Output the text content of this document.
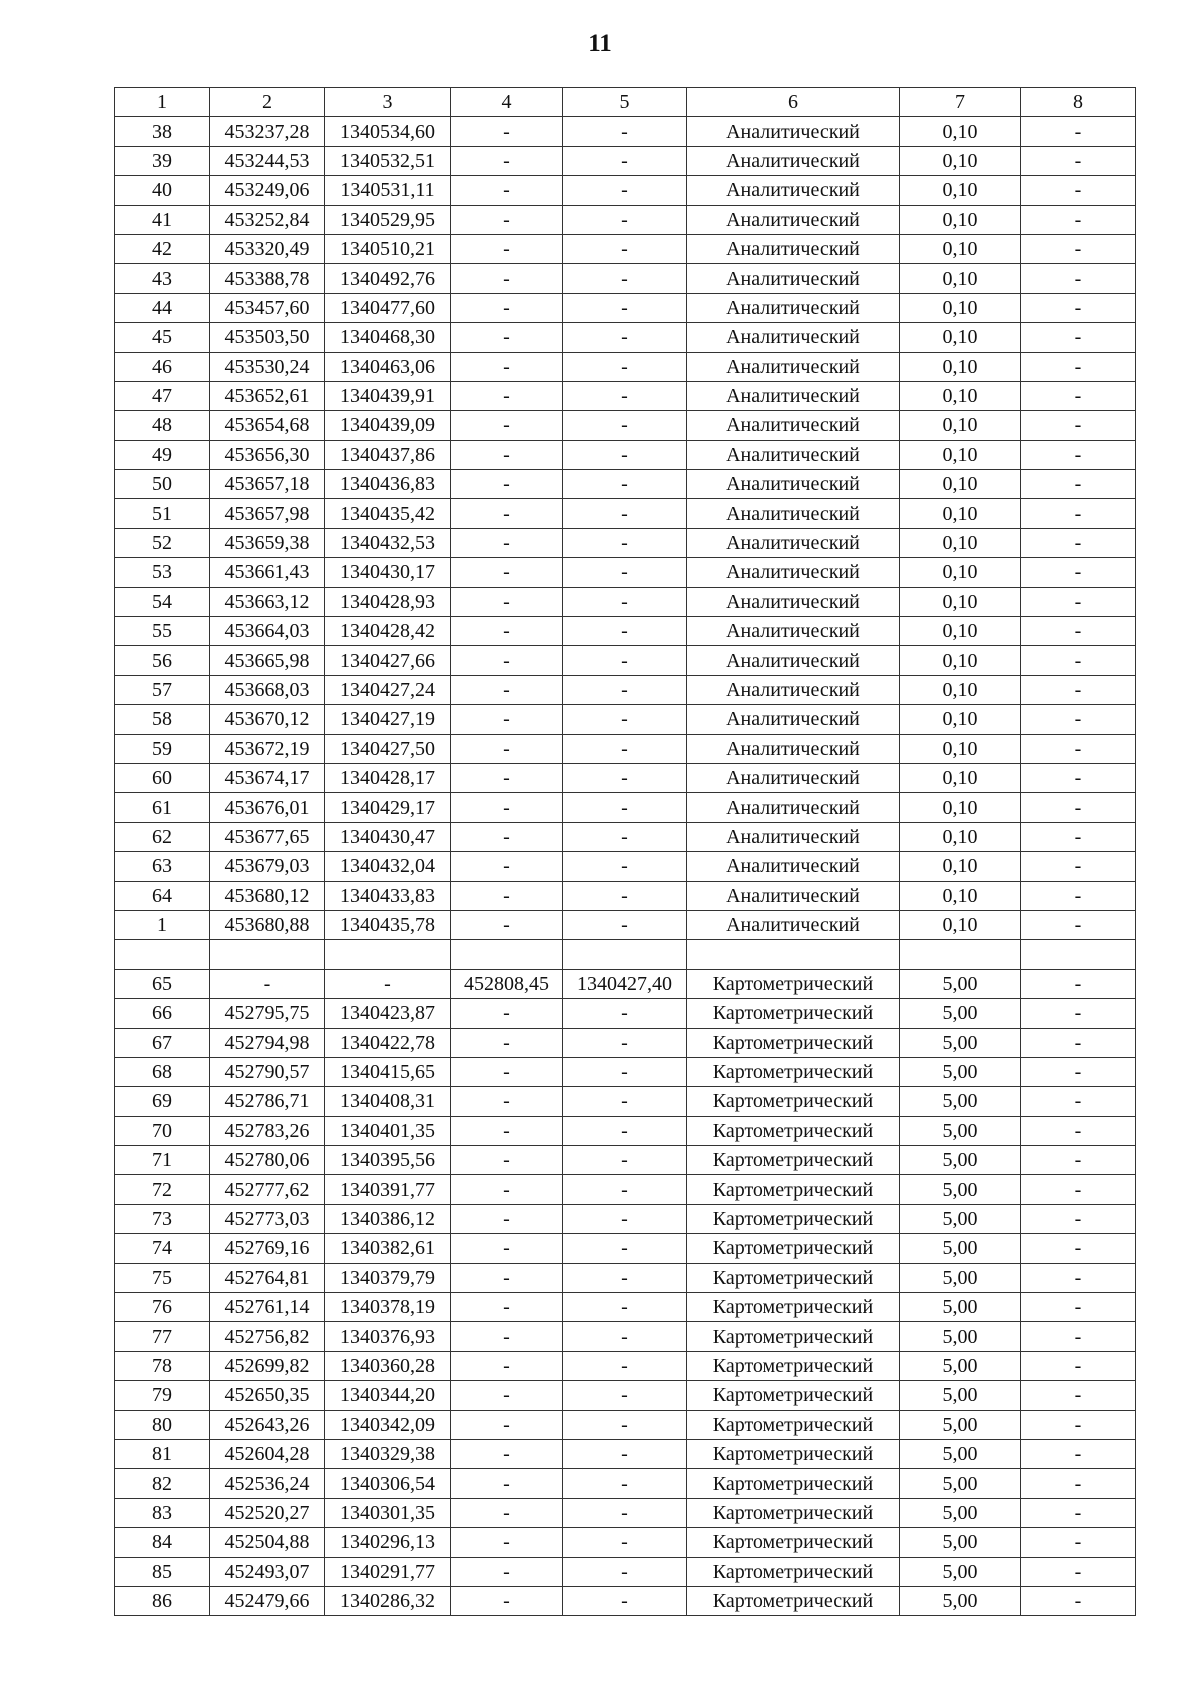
11
1	2	3	4	5	6	7	8
38	453237,28	1340534,60	-	-	Аналитический	0,10	-
39	453244,53	1340532,51	-	-	Аналитический	0,10	-
40	453249,06	1340531,11	-	-	Аналитический	0,10	-
41	453252,84	1340529,95	-	-	Аналитический	0,10	-
42	453320,49	1340510,21	-	-	Аналитический	0,10	-
43	453388,78	1340492,76	-	-	Аналитический	0,10	-
44	453457,60	1340477,60	-	-	Аналитический	0,10	-
45	453503,50	1340468,30	-	-	Аналитический	0,10	-
46	453530,24	1340463,06	-	-	Аналитический	0,10	-
47	453652,61	1340439,91	-	-	Аналитический	0,10	-
48	453654,68	1340439,09	-	-	Аналитический	0,10	-
49	453656,30	1340437,86	-	-	Аналитический	0,10	-
50	453657,18	1340436,83	-	-	Аналитический	0,10	-
51	453657,98	1340435,42	-	-	Аналитический	0,10	-
52	453659,38	1340432,53	-	-	Аналитический	0,10	-
53	453661,43	1340430,17	-	-	Аналитический	0,10	-
54	453663,12	1340428,93	-	-	Аналитический	0,10	-
55	453664,03	1340428,42	-	-	Аналитический	0,10	-
56	453665,98	1340427,66	-	-	Аналитический	0,10	-
57	453668,03	1340427,24	-	-	Аналитический	0,10	-
58	453670,12	1340427,19	-	-	Аналитический	0,10	-
59	453672,19	1340427,50	-	-	Аналитический	0,10	-
60	453674,17	1340428,17	-	-	Аналитический	0,10	-
61	453676,01	1340429,17	-	-	Аналитический	0,10	-
62	453677,65	1340430,47	-	-	Аналитический	0,10	-
63	453679,03	1340432,04	-	-	Аналитический	0,10	-
64	453680,12	1340433,83	-	-	Аналитический	0,10	-
1	453680,88	1340435,78	-	-	Аналитический	0,10	-

65	-	-	452808,45	1340427,40	Картометрический	5,00	-
66	452795,75	1340423,87	-	-	Картометрический	5,00	-
67	452794,98	1340422,78	-	-	Картометрический	5,00	-
68	452790,57	1340415,65	-	-	Картометрический	5,00	-
69	452786,71	1340408,31	-	-	Картометрический	5,00	-
70	452783,26	1340401,35	-	-	Картометрический	5,00	-
71	452780,06	1340395,56	-	-	Картометрический	5,00	-
72	452777,62	1340391,77	-	-	Картометрический	5,00	-
73	452773,03	1340386,12	-	-	Картометрический	5,00	-
74	452769,16	1340382,61	-	-	Картометрический	5,00	-
75	452764,81	1340379,79	-	-	Картометрический	5,00	-
76	452761,14	1340378,19	-	-	Картометрический	5,00	-
77	452756,82	1340376,93	-	-	Картометрический	5,00	-
78	452699,82	1340360,28	-	-	Картометрический	5,00	-
79	452650,35	1340344,20	-	-	Картометрический	5,00	-
80	452643,26	1340342,09	-	-	Картометрический	5,00	-
81	452604,28	1340329,38	-	-	Картометрический	5,00	-
82	452536,24	1340306,54	-	-	Картометрический	5,00	-
83	452520,27	1340301,35	-	-	Картометрический	5,00	-
84	452504,88	1340296,13	-	-	Картометрический	5,00	-
85	452493,07	1340291,77	-	-	Картометрический	5,00	-
86	452479,66	1340286,32	-	-	Картометрический	5,00	-
